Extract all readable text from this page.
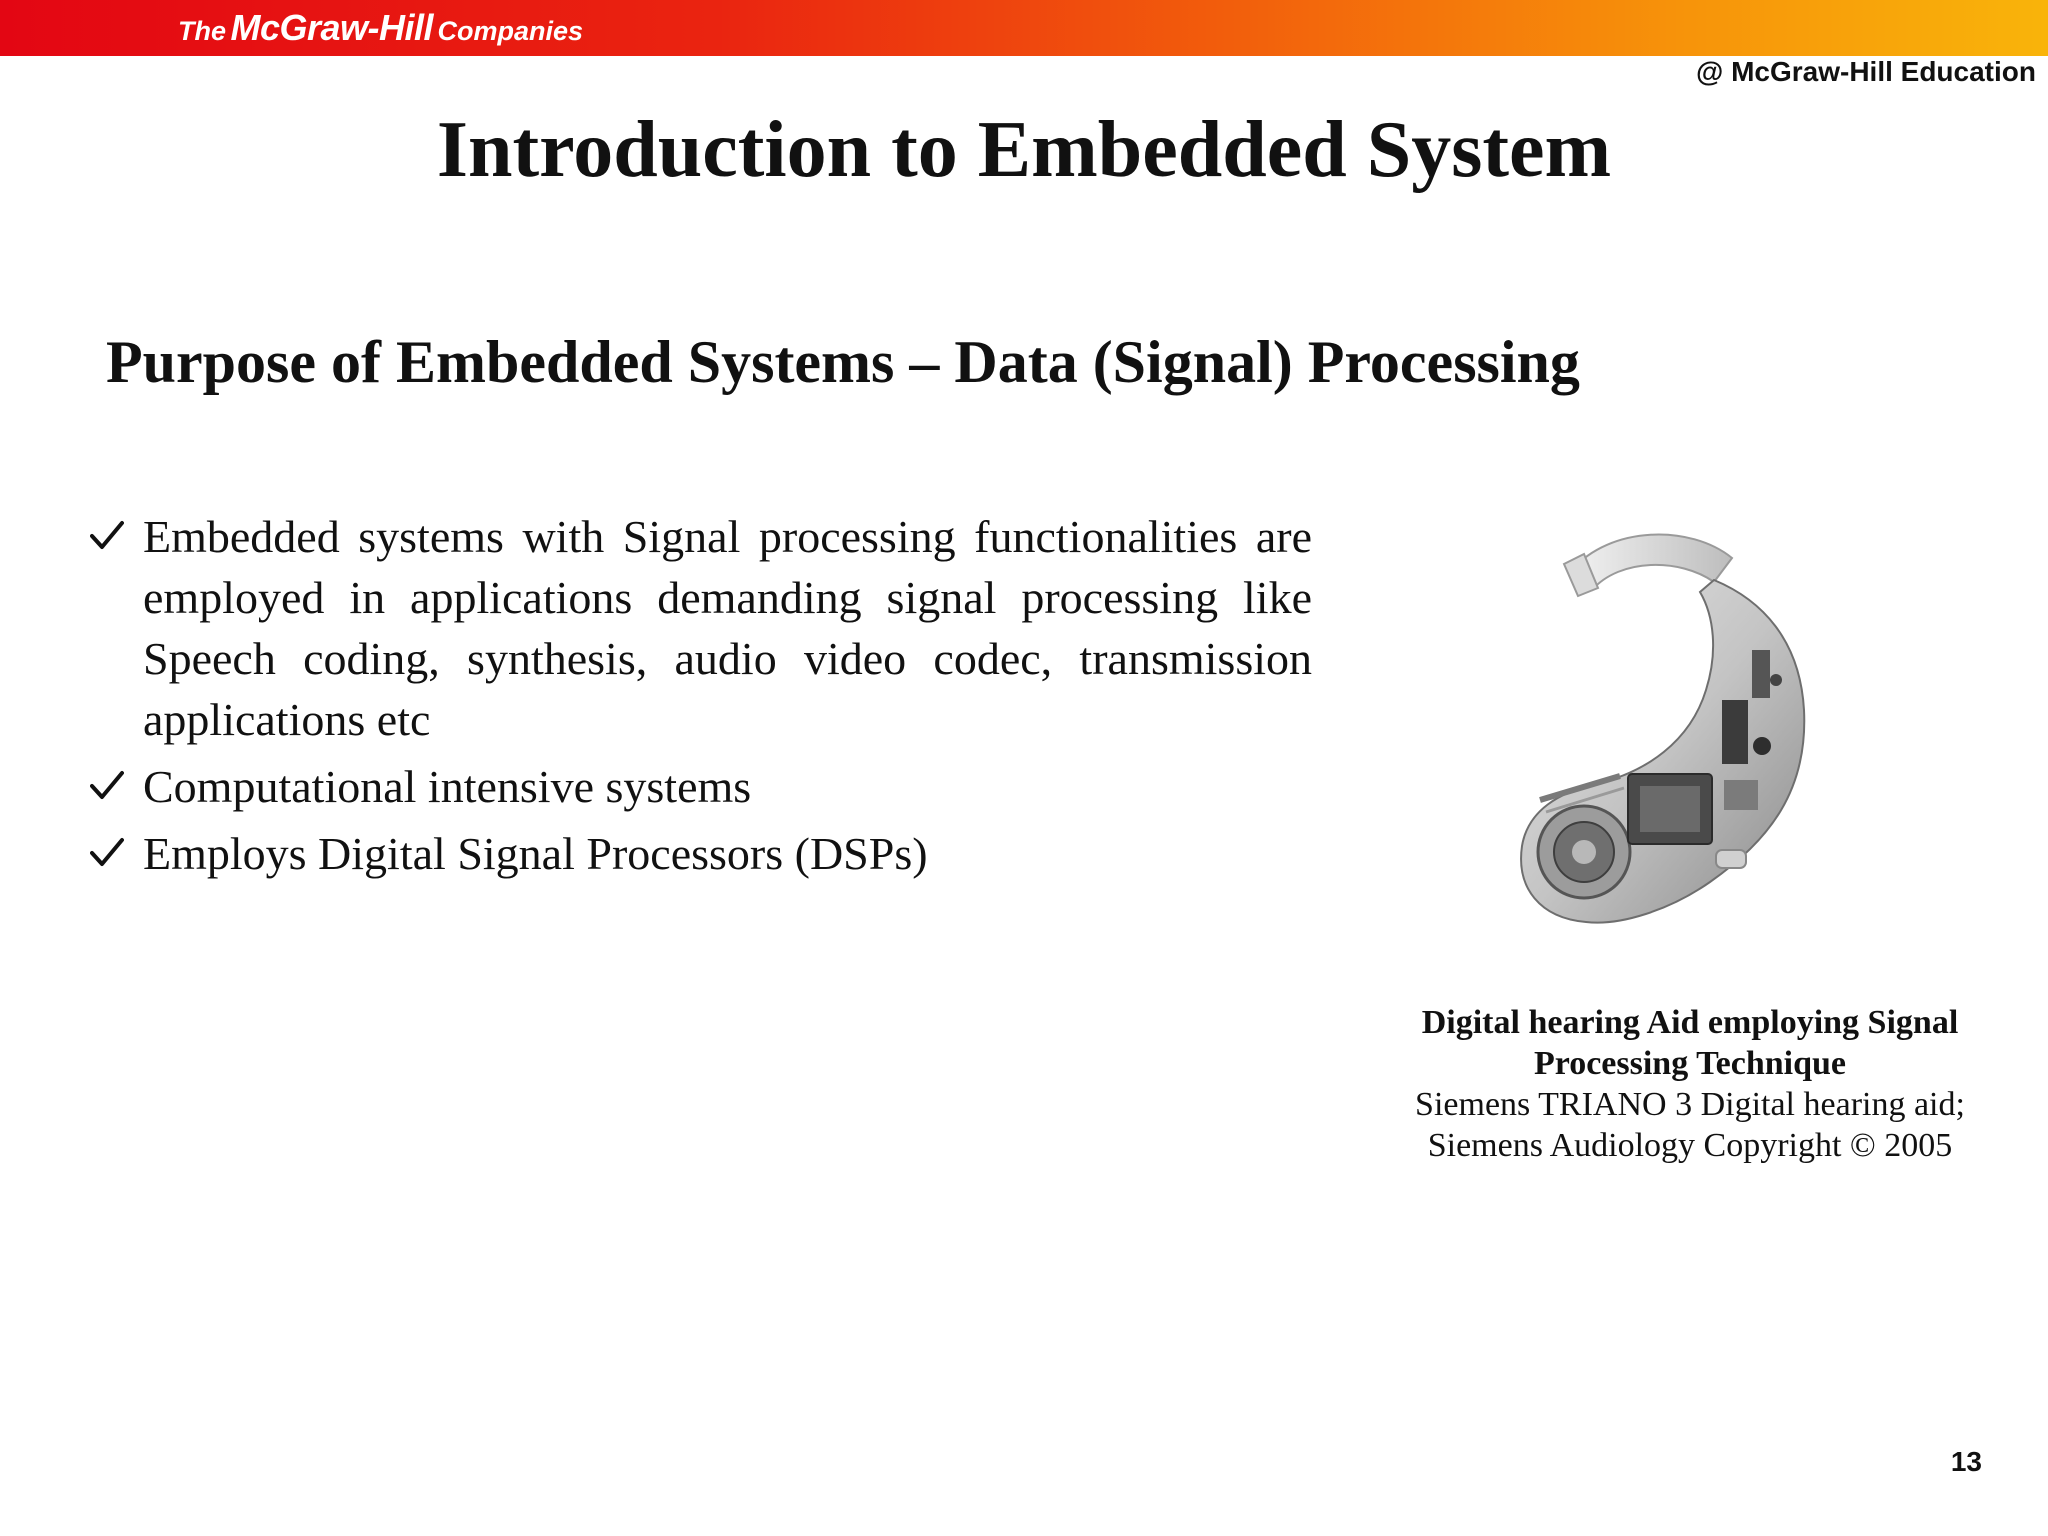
The McGraw-Hill Companies
@ McGraw-Hill Education
Introduction to Embedded System
Purpose of Embedded Systems – Data (Signal) Processing
Embedded systems with Signal processing functionalities are employed in applications demanding signal processing like Speech coding, synthesis, audio video codec, transmission applications etc
Computational intensive systems
Employs Digital Signal Processors (DSPs)
Digital hearing Aid employing Signal
Processing Technique
Siemens TRIANO 3 Digital hearing aid;
Siemens Audiology Copyright © 2005
13
